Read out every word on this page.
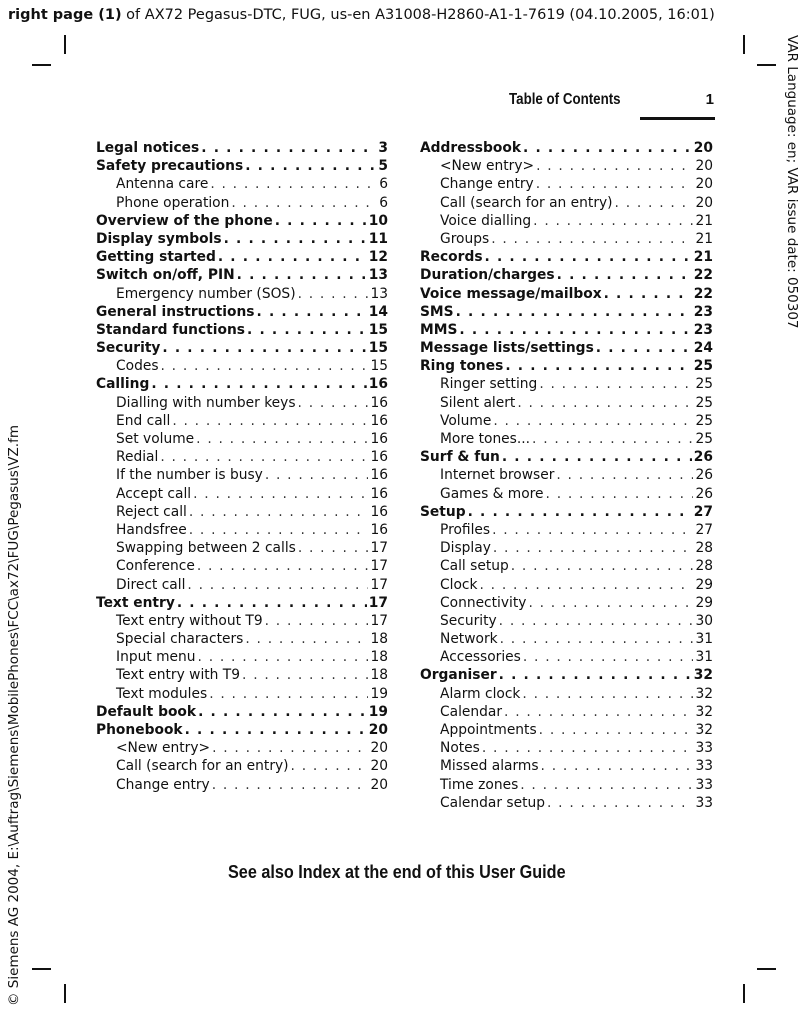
right page (1) of AX72 Pegasus-DTC, FUG, us-en A31008-H2860-A1-1-7619 (04.10.2005, 16:01)
VAR Language: en; VAR issue date: 050307
© Siemens AG 2004, E:\Auftrag\Siemens\MobilePhones\FCC\ax72\FUG\Pegasus\VZ.fm
Table of Contents	1
Legal notices . . .	3
Safety precautions . . .	5
Antenna care . . .	6
Phone operation . . .	6
Overview of the phone . . .	10
Display symbols . . .	11
Getting started . . .	12
Switch on/off, PIN . . .	13
Emergency number (SOS) . . .	13
General instructions . . .	14
Standard functions . . .	15
Security . . .	15
Codes . . .	15
Calling . . .	16
Dialling with number keys . . .	16
End call . . .	16
Set volume . . .	16
Redial . . .	16
If the number is busy . . .	16
Accept call . . .	16
Reject call . . .	16
Handsfree . . .	16
Swapping between 2 calls . . .	17
Conference . . .	17
Direct call . . .	17
Text entry . . .	17
Text entry without T9 . . .	17
Special characters . . .	18
Input menu . . .	18
Text entry with T9 . . .	18
Text modules . . .	19
Default book . . .	19
Phonebook . . .	20
<New entry> . . .	20
Call (search for an entry) . . .	20
Change entry . . .	20
Addressbook . . .	20
<New entry> . . .	20
Change entry . . .	20
Call (search for an entry) . . .	20
Voice dialling . . .	21
Groups . . .	21
Records . . .	21
Duration/charges . . .	22
Voice message/mailbox . . .	22
SMS . . .	23
MMS . . .	23
Message lists/settings . . .	24
Ring tones . . .	25
Ringer setting . . .	25
Silent alert . . .	25
Volume . . .	25
More tones... . . .	25
Surf & fun . . .	26
Internet browser . . .	26
Games & more . . .	26
Setup . . .	27
Profiles . . .	27
Display . . .	28
Call setup . . .	28
Clock . . .	29
Connectivity . . .	29
Security . . .	30
Network . . .	31
Accessories . . .	31
Organiser . . .	32
Alarm clock . . .	32
Calendar . . .	32
Appointments . . .	32
Notes . . .	33
Missed alarms . . .	33
Time zones . . .	33
Calendar setup . . .	33
See also Index at the end of this User Guide
